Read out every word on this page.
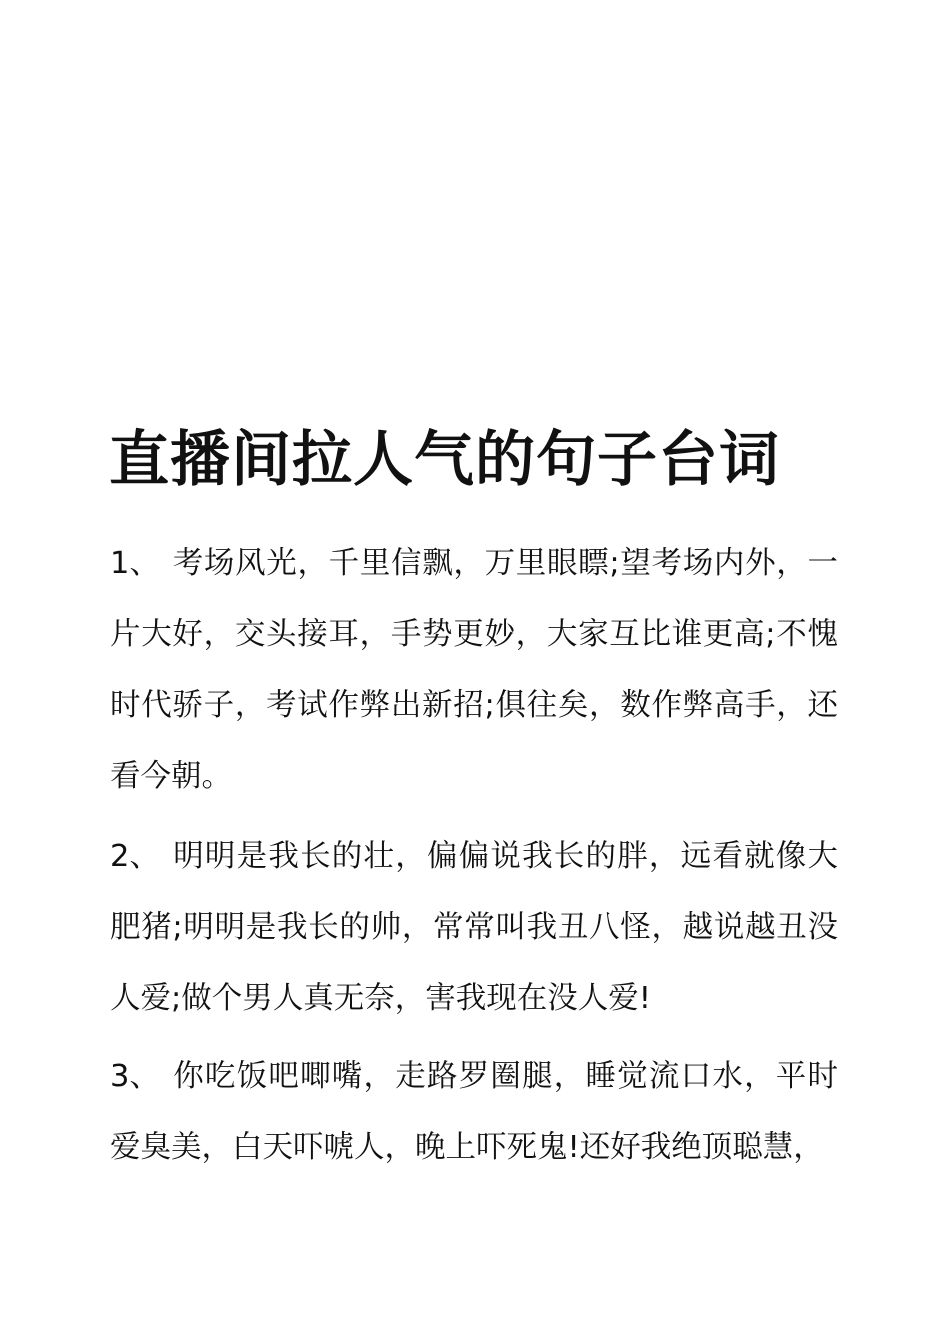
直播间拉人气的句子台词

1、 考场风光，千里信飘，万里眼瞟;望考场内外，一片大好，交头接耳，手势更妙，大家互比谁更高;不愧时代骄子，考试作弊出新招;俱往矣，数作弊高手，还看今朝。

2、 明明是我长的壮，偏偏说我长的胖，远看就像大肥猪;明明是我长的帅，常常叫我丑八怪，越说越丑没人爱;做个男人真无奈，害我现在没人爱!

3、 你吃饭吧唧嘴，走路罗圈腿，睡觉流口水，平时爱臭美，白天吓唬人，晚上吓死鬼!还好我绝顶聪慧，
